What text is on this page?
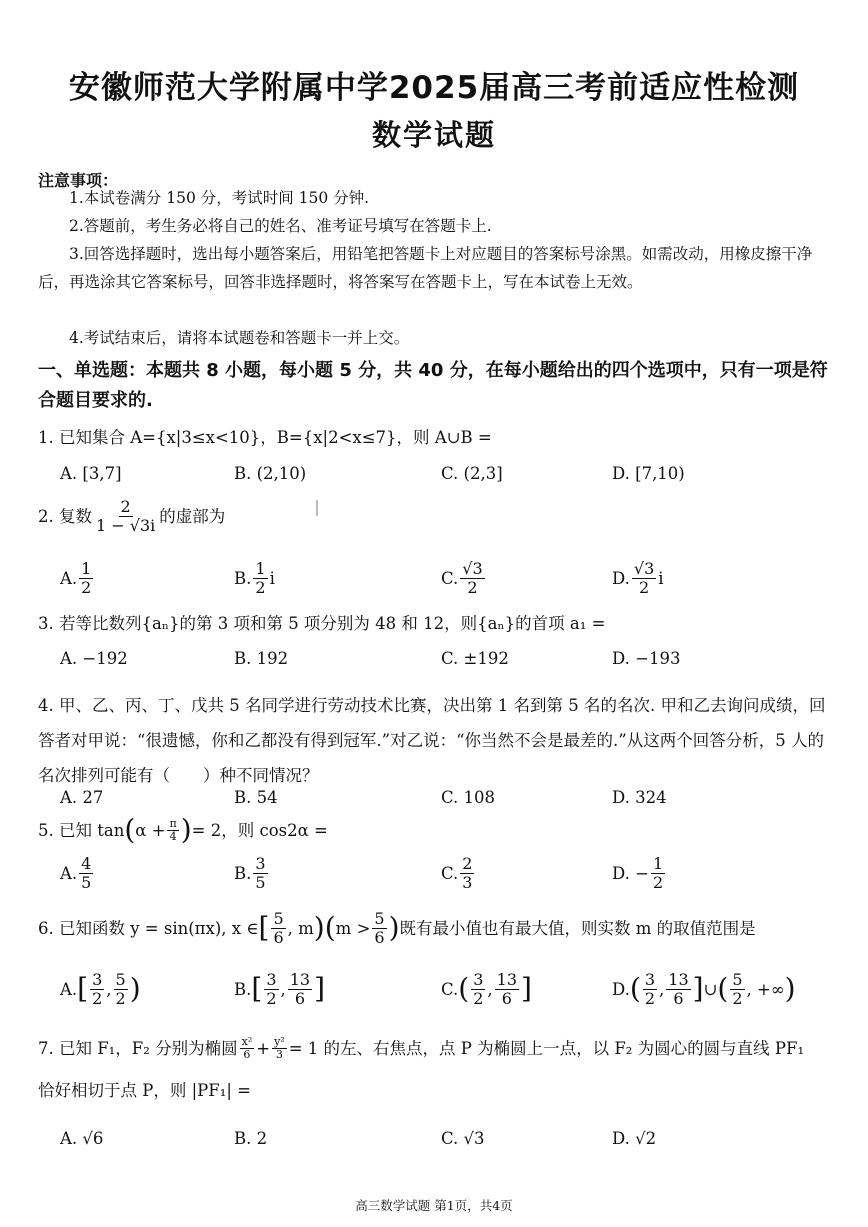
安徽师范大学附属中学2025届高三考前适应性检测
数学试题
注意事项：
1.本试卷满分 150 分，考试时间 150 分钟.
2.答题前，考生务必将自己的姓名、准考证号填写在答题卡上.
3.回答选择题时，选出每小题答案后，用铅笔把答题卡上对应题目的答案标号涂黑。如需改动，用橡皮擦干净后，再选涂其它答案标号，回答非选择题时，将答案写在答题卡上，写在本试卷上无效。
4.考试结束后，请将本试题卷和答题卡一并上交。
一、单选题：本题共 8 小题，每小题 5 分，共 40 分，在每小题给出的四个选项中，只有一项是符合题目要求的.
1. 已知集合 A={x|3≤x<10}，B={x|2<x≤7}，则 A∪B =
A. [3,7]	B. (2,10)	C. (2,3]	D. [7,10)
2. 复数 $\frac{2}{1 - √3i}$ 的虚部为
A. $\frac{1}{2}$	B. $\frac{1}{2}$ i	C. $\frac{√3}{2}$	D. $\frac{√3}{2}$ i
3. 若等比数列{aₙ}的第 3 项和第 5 项分别为 48 和 12，则{aₙ}的首项 a₁ =
A. −192	B. 192	C. ±192	D. −193
4. 甲、乙、丙、丁、戊共 5 名同学进行劳动技术比赛，决出第 1 名到第 5 名的名次. 甲和乙去询问成绩，回答者对甲说：“很遗憾，你和乙都没有得到冠军.”对乙说：“你当然不会是最差的.”从这两个回答分析，5 人的名次排列可能有（　　）种不同情况？
A. 27	B. 54	C. 108	D. 324
5. 已知 tan ( $\alpha + \frac{\pi}{4}$ ) = 2，则 cos2α =
A. $\frac{4}{5}$	B. $\frac{3}{5}$	C. $\frac{2}{3}$	D. − $\frac{1}{2}$
6. 已知函数 y = sin(πx), x ∈ [ $\frac{5}{6}$ , m ) ( $m > \frac{5}{6}$ ) 既有最小值也有最大值，则实数 m 的取值范围是
A. [ $\frac{3}{2}$ , $\frac{5}{2}$ )	B. [ $\frac{3}{2}$ , $\frac{13}{6}$ ]	C. ( $\frac{3}{2}$ , $\frac{13}{6}$ ]	D. ( $\frac{3}{2}$ , $\frac{13}{6}$ ] ∪ ( $\frac{5}{2}$ , +∞ )
7. 已知 F₁，F₂ 分别为椭圆 $\frac{\text{x²}}{6} + \frac{\text{y²}}{3} = 1$ 的左、右焦点，点 P 为椭圆上一点，以 F₂ 为圆心的圆与直线 PF₁
恰好相切于点 P，则 |PF₁| =
A. √6	B. 2	C. √3	D. √2
高三数学试题 第1页，共4页
